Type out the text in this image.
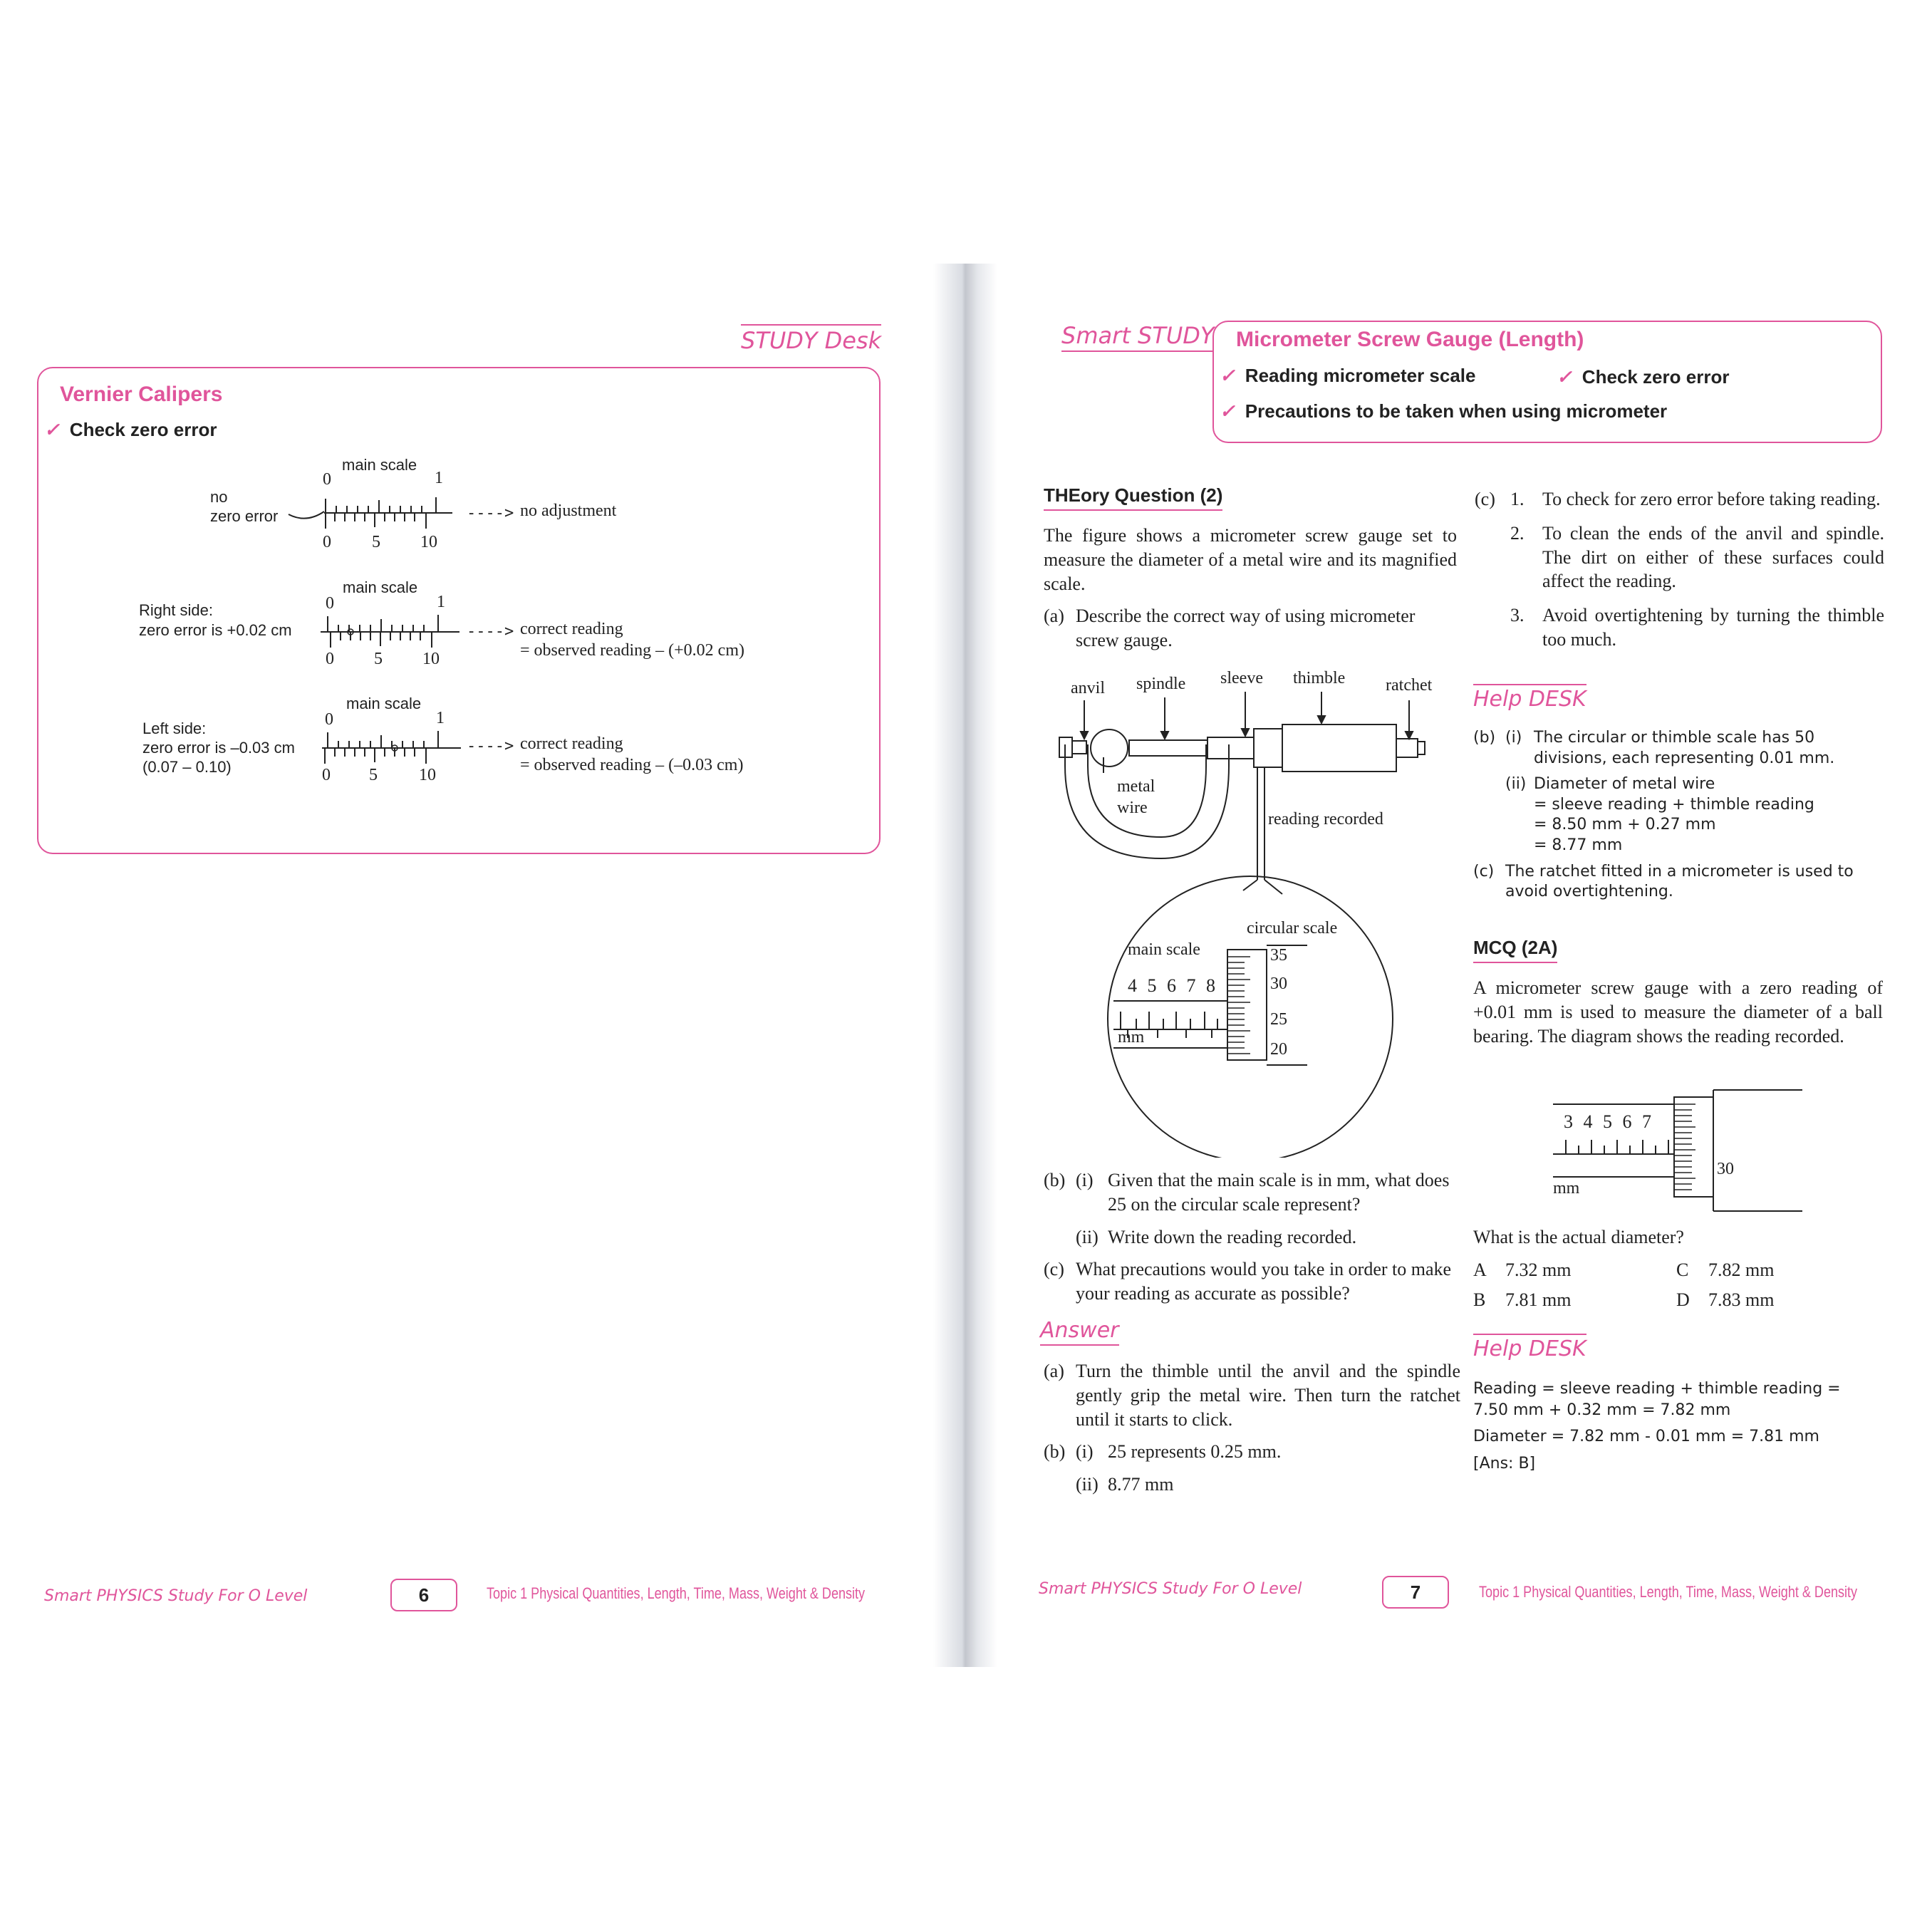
STUDY Desk
Vernier Calipers
✓ Check zero error
main scale
0	1
no
zero error
0 5 10
----> no adjustment
main scale
0	1
Right side:
zero error is +0.02 cm
0 5 10
----> correct reading
= observed reading – (+0.02 cm)
main scale
0	1
Left side:
zero error is –0.03 cm
(0.07 – 0.10)	0 5 10
----> correct reading
= observed reading – (–0.03 cm)
Smart PHYSICS Study For O Level	6	Topic 1 Physical Quantities, Length, Time, Mass, Weight & Density
Smart STUDY Micrometer Screw Gauge (Length)
✓ Reading micrometer scale	✓ Check zero error
✓ Precautions to be taken when using micrometer
THEory Question (2)

The figure shows a micrometer screw gauge set to measure the diameter of a metal wire and its magnified scale.

(a) Describe the correct way of using micrometer screw gauge.
anvil spindle sleeve thimble ratchet
metal
wire
reading recorded
circular scale
main scale
4 5 6 7 8
mm
35
30
25
20
(b) (i) Given that the main scale is in mm, what does 25 on the circular scale represent?
(ii) Write down the reading recorded.
(c) What precautions would you take in order to make your reading as accurate as possible?
Answer
(a) Turn the thimble until the anvil and the spindle gently grip the metal wire. Then turn the ratchet until it starts to click.
(b) (i) 25 represents 0.25 mm.
(ii) 8.77 mm
(c) 1. To check for zero error before taking reading.
2. To clean the ends of the anvil and spindle. The dirt on either of these surfaces could affect the reading.
3. Avoid overtightening by turning the thimble too much.
Help DESK
(b) (i) The circular or thimble scale has 50 divisions, each representing 0.01 mm.
(ii) Diameter of metal wire
= sleeve reading + thimble reading
= 8.50 mm + 0.27 mm
= 8.77 mm
(c) The ratchet fitted in a micrometer is used to avoid overtightening.
MCQ (2A)

A micrometer screw gauge with a zero reading of +0.01 mm is used to measure the diameter of a ball bearing. The diagram shows the reading recorded.

3 4 5 6 7
mm
30
What is the actual diameter?
A 7.32 mm	C 7.82 mm
B 7.81 mm	D 7.83 mm
Help DESK
Reading = sleeve reading + thimble reading =
7.50 mm + 0.32 mm = 7.82 mm
Diameter = 7.82 mm - 0.01 mm = 7.81 mm
[Ans: B]
Smart PHYSICS Study For O Level	7	Topic 1 Physical Quantities, Length, Time, Mass, Weight & Density
